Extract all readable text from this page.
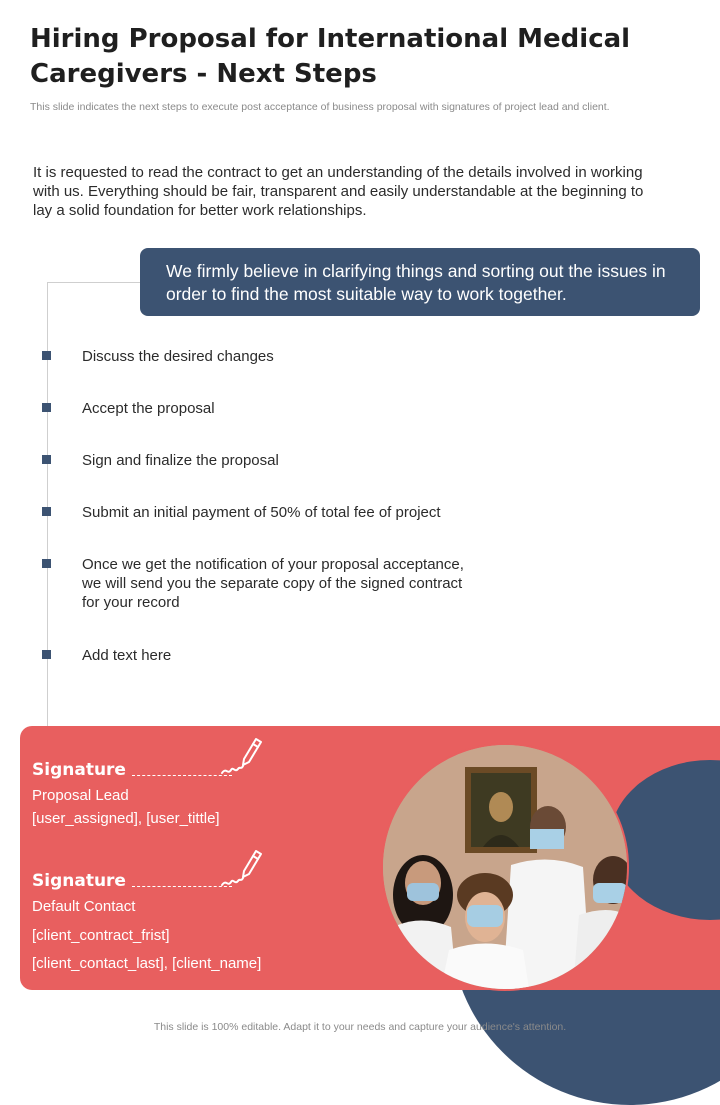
Hiring Proposal for International Medical Caregivers - Next Steps
This slide indicates the next steps to execute post acceptance of business proposal with signatures of project lead and client.
It is requested to read the contract to get an understanding of the details involved in working with us. Everything should be fair, transparent and easily understandable at the beginning to lay a solid foundation for better work relationships.
We firmly believe in clarifying things and sorting out the issues in order to find the most suitable way to work together.
Discuss the desired changes
Accept the proposal
Sign and finalize the proposal
Submit an initial payment of 50% of total fee of project
Once we get the notification of your proposal acceptance, we will send you the separate copy of the signed contract for your record
Add text here
Signature
Proposal Lead
[user_assigned], [user_tittle]
Signature
Default Contact
[client_contract_frist]
[client_contact_last], [client_name]
This slide is 100% editable. Adapt it to your needs and capture your audience's attention.
